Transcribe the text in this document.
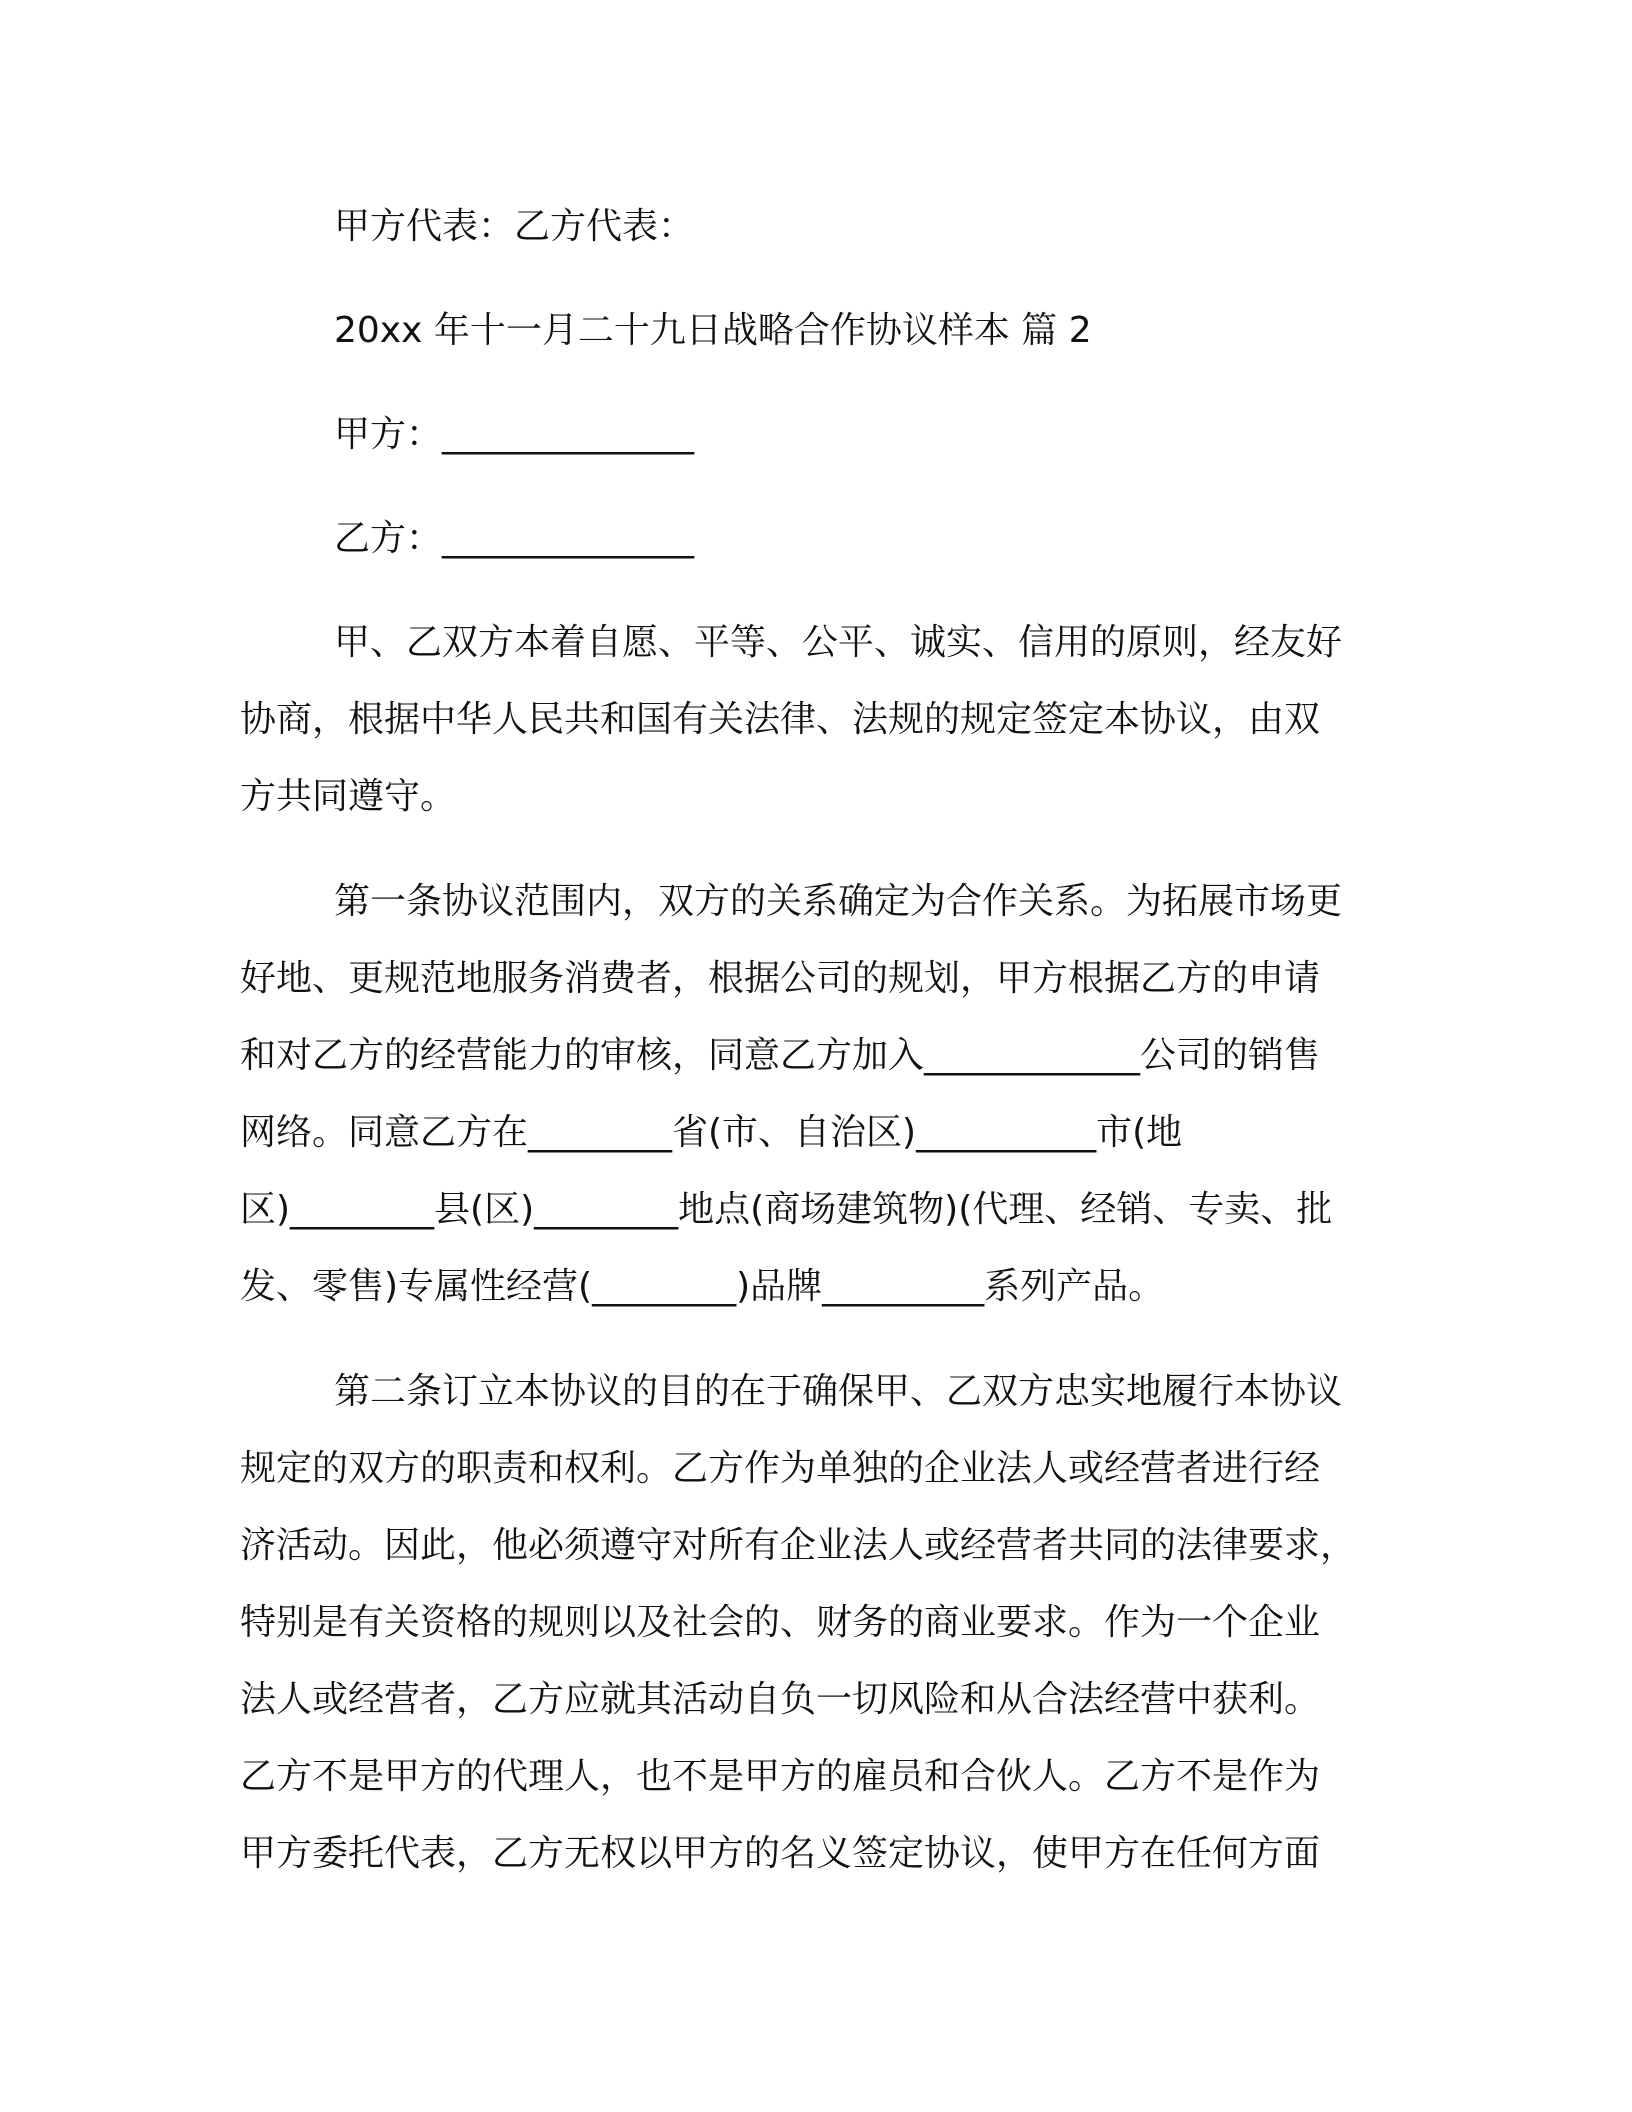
甲方代表：乙方代表：
20xx 年十一月二十九日战略合作协议样本 篇 2
甲方：______________
乙方：______________
甲、乙双方本着自愿、平等、公平、诚实、信用的原则，经友好
协商，根据中华人民共和国有关法律、法规的规定签定本协议，由双
方共同遵守。
第一条协议范围内，双方的关系确定为合作关系。为拓展市场更
好地、更规范地服务消费者，根据公司的规划，甲方根据乙方的申请
和对乙方的经营能力的审核，同意乙方加入____________公司的销售
网络。同意乙方在________省(市、自治区)__________市(地
区)________县(区)________地点(商场建筑物)(代理、经销、专卖、批
发、零售)专属性经营(________)品牌_________系列产品。
第二条订立本协议的目的在于确保甲、乙双方忠实地履行本协议
规定的双方的职责和权利。乙方作为单独的企业法人或经营者进行经
济活动。因此，他必须遵守对所有企业法人或经营者共同的法律要求，
特别是有关资格的规则以及社会的、财务的商业要求。作为一个企业
法人或经营者，乙方应就其活动自负一切风险和从合法经营中获利。
乙方不是甲方的代理人，也不是甲方的雇员和合伙人。乙方不是作为
甲方委托代表，乙方无权以甲方的名义签定协议，使甲方在任何方面
